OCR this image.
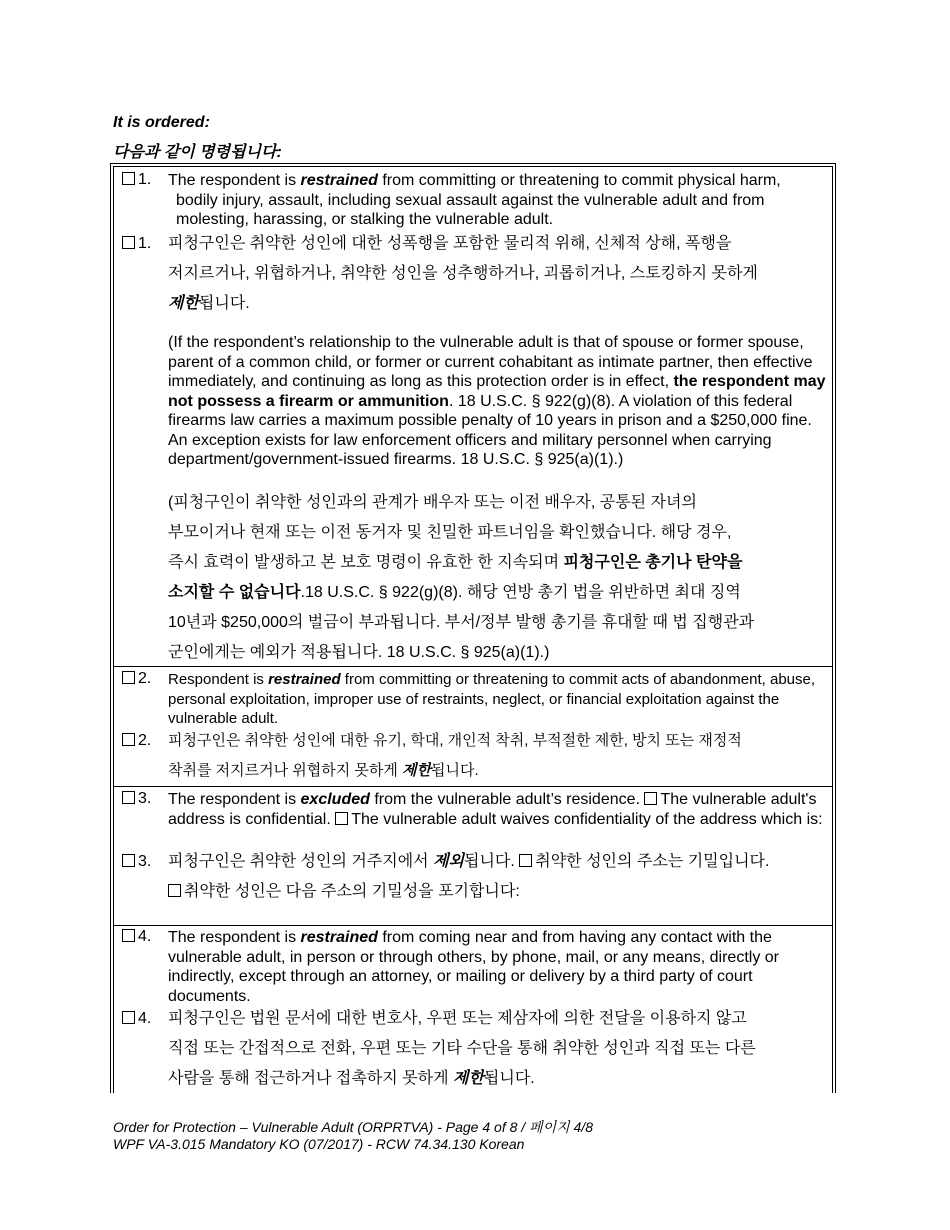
It is ordered:
다음과 같이 명령됩니다:
1. The respondent is restrained from committing or threatening to commit physical harm, bodily injury, assault, including sexual assault against the vulnerable adult and from molesting, harassing, or stalking the vulnerable adult.
1. 피청구인은 취약한 성인에 대한 성폭행을 포함한 물리적 위해, 신체적 상해, 폭행을
저지르거나, 위협하거나, 취약한 성인을 성추행하거나, 괴롭히거나, 스토킹하지 못하게
제한됩니다.
(If the respondent’s relationship to the vulnerable adult is that of spouse or former spouse, parent of a common child, or former or current cohabitant as intimate partner, then effective immediately, and continuing as long as this protection order is in effect, the respondent may not possess a firearm or ammunition. 18 U.S.C. § 922(g)(8). A violation of this federal firearms law carries a maximum possible penalty of 10 years in prison and a $250,000 fine. An exception exists for law enforcement officers and military personnel when carrying department/government-issued firearms. 18 U.S.C. § 925(a)(1).)
(피청구인이 취약한 성인과의 관계가 배우자 또는 이전 배우자, 공통된 자녀의
부모이거나 현재 또는 이전 동거자 및 친밀한 파트너임을 확인했습니다. 해당 경우,
즉시 효력이 발생하고 본 보호 명령이 유효한 한 지속되며 피청구인은 총기나 탄약을
소지할 수 없습니다.18 U.S.C. § 922(g)(8). 해당 연방 총기 법을 위반하면 최대 징역
10년과 $250,000의 벌금이 부과됩니다. 부서/정부 발행 총기를 휴대할 때 법 집행관과
군인에게는 예외가 적용됩니다. 18 U.S.C. § 925(a)(1).)
2. Respondent is restrained from committing or threatening to commit acts of abandonment, abuse, personal exploitation, improper use of restraints, neglect, or financial exploitation against the vulnerable adult.
2. 피청구인은 취약한 성인에 대한 유기, 학대, 개인적 착취, 부적절한 제한, 방치 또는 재정적
착취를 저지르거나 위협하지 못하게 제한됩니다.
3. The respondent is excluded from the vulnerable adult’s residence. The vulnerable adult's address is confidential. The vulnerable adult waives confidentiality of the address which is:
3. 피청구인은 취약한 성인의 거주지에서 제외됩니다. 취약한 성인의 주소는 기밀입니다.
취약한 성인은 다음 주소의 기밀성을 포기합니다:
4. The respondent is restrained from coming near and from having any contact with the vulnerable adult, in person or through others, by phone, mail, or any means, directly or indirectly, except through an attorney, or mailing or delivery by a third party of court documents.
4. 피청구인은 법원 문서에 대한 변호사, 우편 또는 제삼자에 의한 전달을 이용하지 않고
직접 또는 간접적으로 전화, 우편 또는 기타 수단을 통해 취약한 성인과 직접 또는 다른
사람을 통해 접근하거나 접촉하지 못하게 제한됩니다.
Order for Protection – Vulnerable Adult (ORPRTVA) - Page 4 of 8 / 페이지 4/8
WPF VA-3.015 Mandatory KO (07/2017) - RCW 74.34.130 Korean
